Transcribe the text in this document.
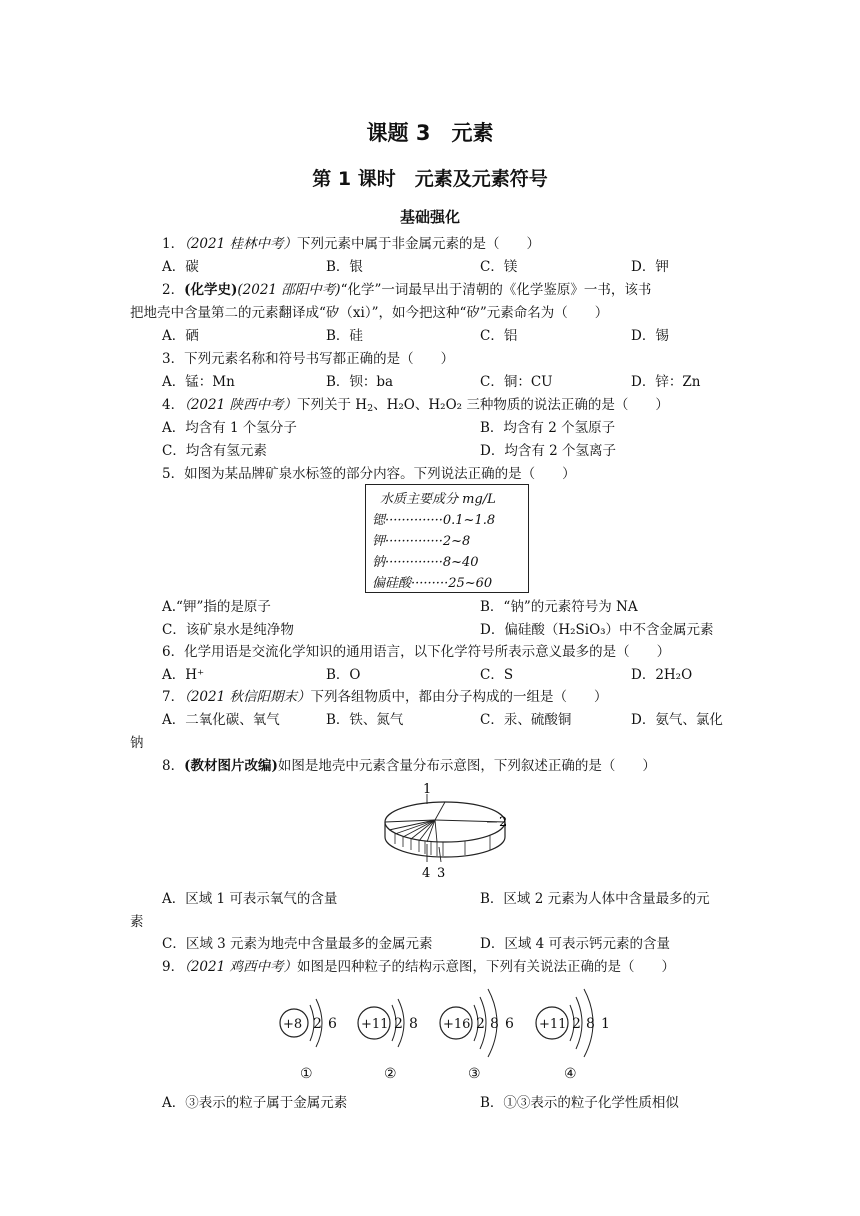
课题 3　元素
第 1 课时　元素及元素符号
基础强化
1．（2021 桂林中考）下列元素中属于非金属元素的是（　　）
A．碳	B．银	C．镁	D．钾
2．(化学史)(2021 邵阳中考)“化学”一词最早出于清朝的《化学鉴原》一书，该书
把地壳中含量第二的元素翻译成“矽（xi）”，如今把这种“矽”元素命名为（　　）
A．硒	B．硅	C．铝	D．锡
3．下列元素名称和符号书写都正确的是（　　）
A．锰：Mn	B．钡：ba	C．铜：CU	D．锌：Zn
4．（2021 陕西中考）下列关于 $H_2$、H₂O、H₂O₂ 三种物质的说法正确的是（　　）
A．均含有 1 个氢分子	B．均含有 2 个氢原子
C．均含有氢元素	D．均含有 2 个氢离子
5．如图为某品牌矿泉水标签的部分内容。下列说法正确的是（　　）
水质主要成分 mg/L
锶··············0.1~1.8
钾··············2~8
钠··············8~40
偏硅酸·········25~60
A.“钾”指的是原子	B．“钠”的元素符号为 NA
C．该矿泉水是纯净物	D．偏硅酸（H₂SiO₃）中不含金属元素
6．化学用语是交流化学知识的通用语言，以下化学符号所表示意义最多的是（　　）
A．H⁺	B．O	C．S	D．2H₂O
7．（2021 秋信阳期末）下列各组物质中，都由分子构成的一组是（　　）
A．二氧化碳、氧气	B．铁、氮气	C．汞、硫酸铜	D．氨气、氯化
钠
8．(教材图片改编)如图是地壳中元素含量分布示意图，下列叙述正确的是（　　）
1
2
4 3
A．区域 1 可表示氧气的含量	B．区域 2 元素为人体中含量最多的元
素
C．区域 3 元素为地壳中含量最多的金属元素	D．区域 4 可表示钙元素的含量
9．（2021 鸡西中考）如图是四种粒子的结构示意图，下列有关说法正确的是（　　）
+8 2 6
①
+11 2 8
②
+16 2 8 6
③
+11 2 8 1
④
A．③表示的粒子属于金属元素	B．①③表示的粒子化学性质相似
